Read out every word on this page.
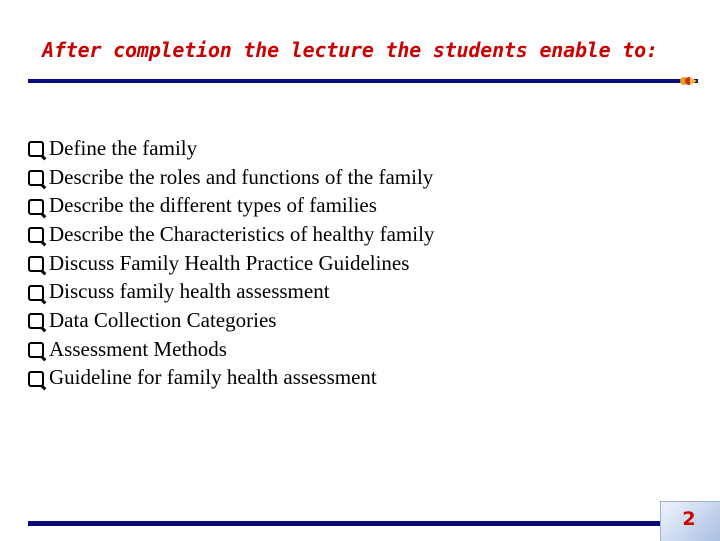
After completion the lecture the students enable to:
Define the family
Describe the roles and functions of the family
Describe the different types of families
Describe the Characteristics of healthy family
Discuss Family Health Practice Guidelines
Discuss family health assessment
Data Collection Categories
Assessment Methods
Guideline for family health assessment
2
